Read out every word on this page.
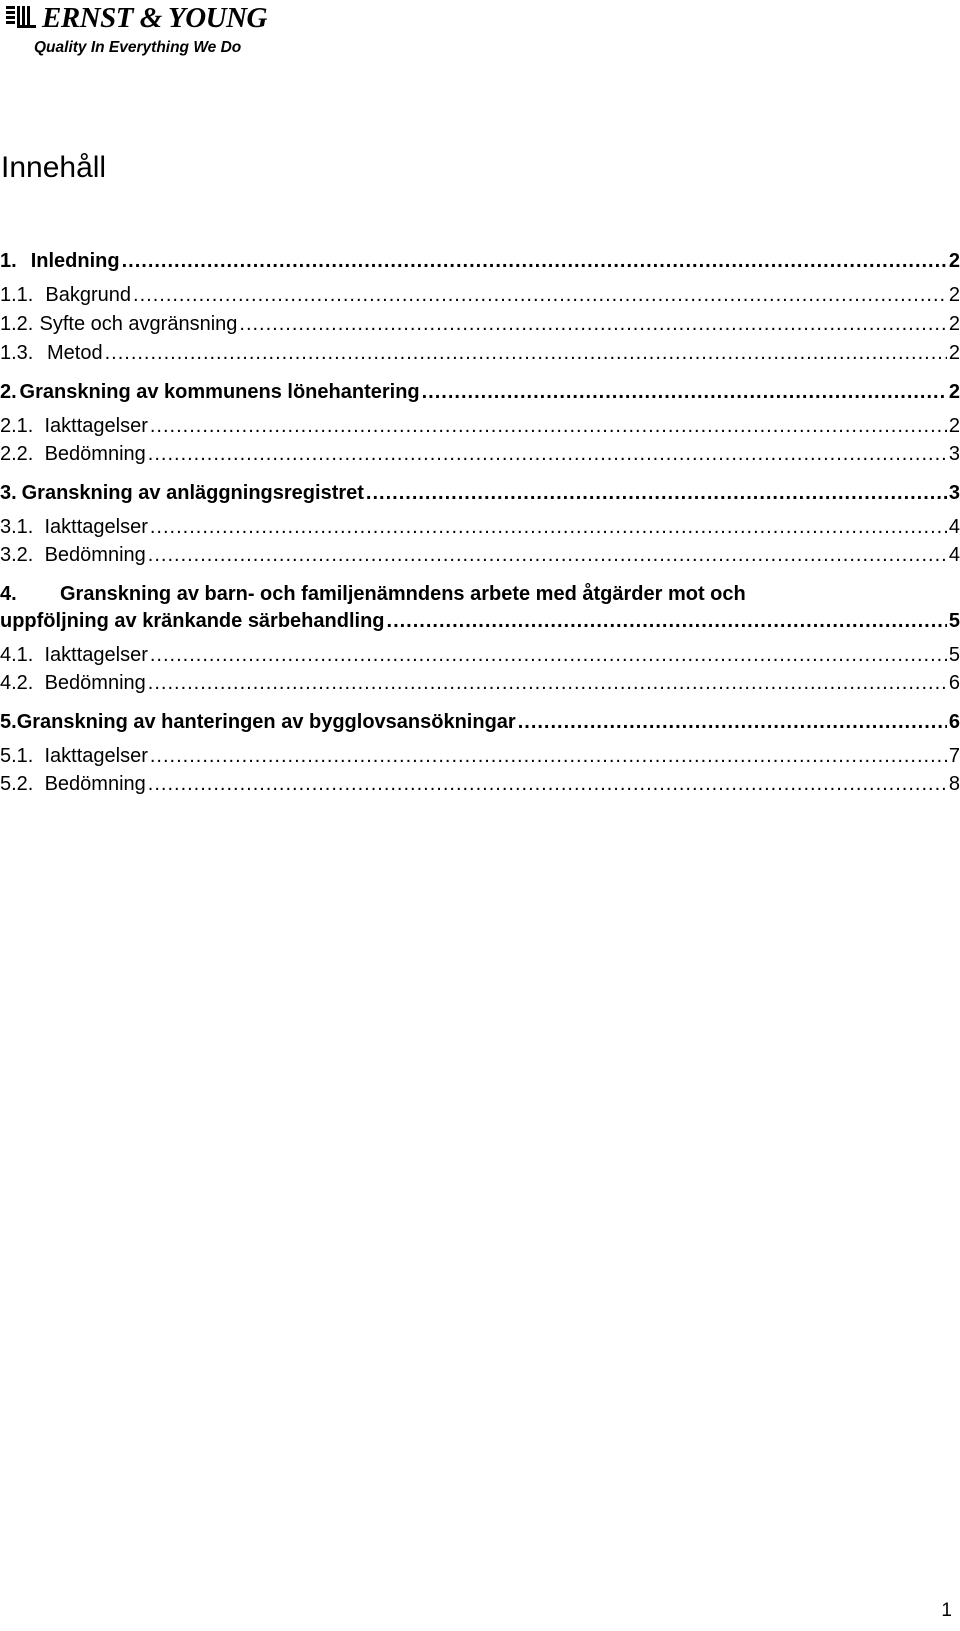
ERNST & YOUNG
Quality In Everything We Do
Innehåll
1. Inledning .....	2
1.1. Bakgrund .....	2
1.2. Syfte och avgränsning .....	2
1.3. Metod .....	2
2. Granskning av kommunens lönehantering .....	2
2.1. Iakttagelser .....	2
2.2. Bedömning .....	3
3. Granskning av anläggningsregistret .....	3
3.1. Iakttagelser .....	4
3.2. Bedömning .....	4
4. Granskning av barn- och familjenämndens arbete med åtgärder mot och
uppföljning av kränkande särbehandling .....	5
4.1. Iakttagelser .....	5
4.2. Bedömning .....	6
5. Granskning av hanteringen av bygglovsansökningar .....	6
5.1. Iakttagelser .....	7
5.2. Bedömning .....	8
1
